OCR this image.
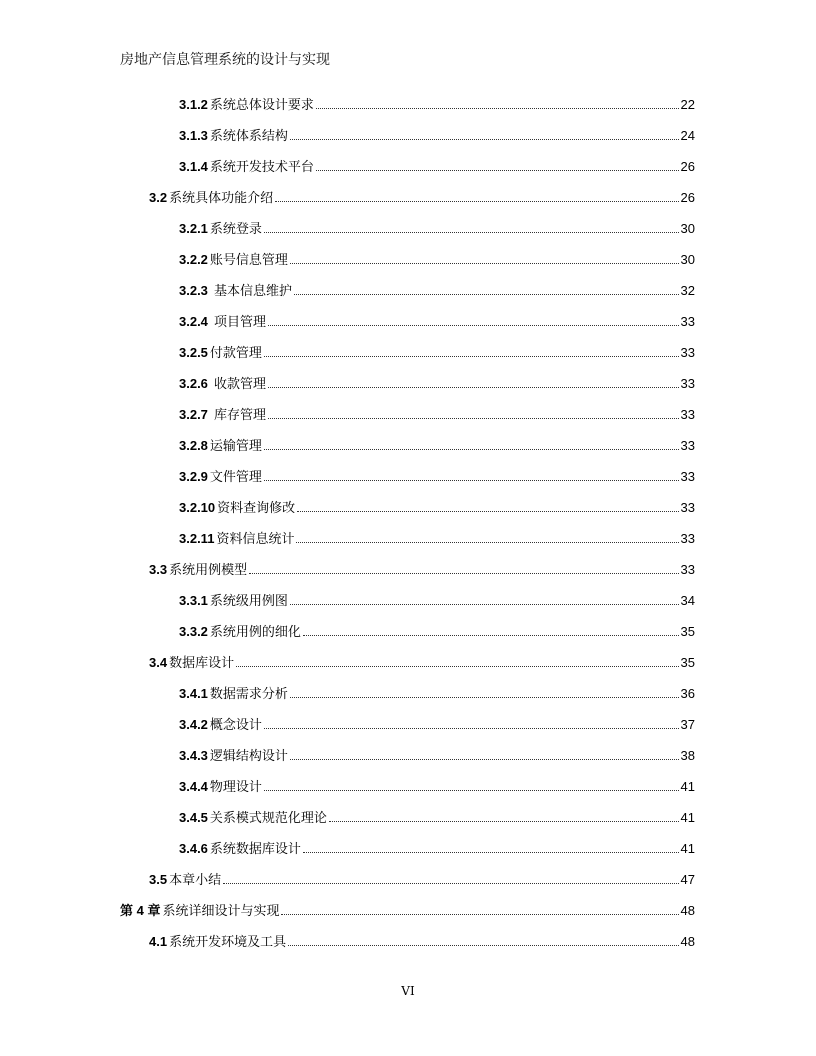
房地产信息管理系统的设计与实现
3.1.2 系统总体设计要求	22
3.1.3 系统体系结构	24
3.1.4 系统开发技术平台	26
3.2 系统具体功能介绍	26
3.2.1 系统登录	30
3.2.2 账号信息管理	30
3.2.3 基本信息维护	32
3.2.4 项目管理	33
3.2.5 付款管理	33
3.2.6 收款管理	33
3.2.7 库存管理	33
3.2.8 运输管理	33
3.2.9 文件管理	33
3.2.10 资料查询修改	33
3.2.11 资料信息统计	33
3.3 系统用例模型	33
3.3.1 系统级用例图	34
3.3.2 系统用例的细化	35
3.4 数据库设计	35
3.4.1 数据需求分析	36
3.4.2 概念设计	37
3.4.3 逻辑结构设计	38
3.4.4 物理设计	41
3.4.5 关系模式规范化理论	41
3.4.6 系统数据库设计	41
3.5 本章小结	47
第 4 章 系统详细设计与实现	48
4.1 系统开发环境及工具	48
VI
